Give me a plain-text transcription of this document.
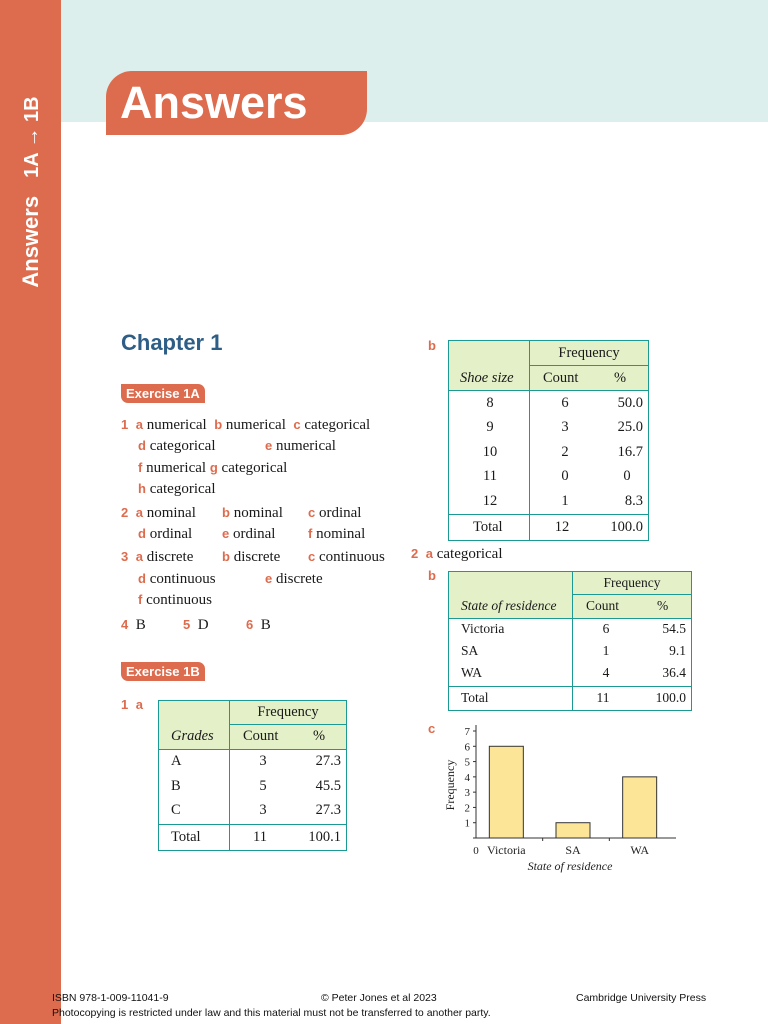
Answers1A → 1B	Answers
Chapter 1
Exercise 1A
1 a numerical b numerical c categorical
d categorical	e numerical
f numerical g categorical
h categorical
2 a nominal b nominal c ordinal
d ordinal e ordinal	f nominal
3 a discrete b discrete c continuous
d continuous	e discrete
f continuous
4 B	5 D	6 B
Exercise 1B
1 a	Frequency
Grades Count %
A	3	27.3
B	5	45.5
C	3	27.3
Total	11	100.1
b	Frequency
Shoe size Count %
8	6	50.0
9	3	25.0
10	2	16.7
11	0	0
12	1	8.3
Total	12	100.0
2 a categorical
b	Frequency
State of residence Count	%
Victoria	6	54.5
SA	1	9.1
WA	4	36.4
Total	11	100.0
c
0
1
2
3
4
5
6
7
Victoria	SA	WA
State of residence
Frequency
ISBN 978-1-009-11041-9	© Peter Jones et al 2023	Cambridge University Press
Photocopying is restricted under law and this material must not be transferred to another party.
